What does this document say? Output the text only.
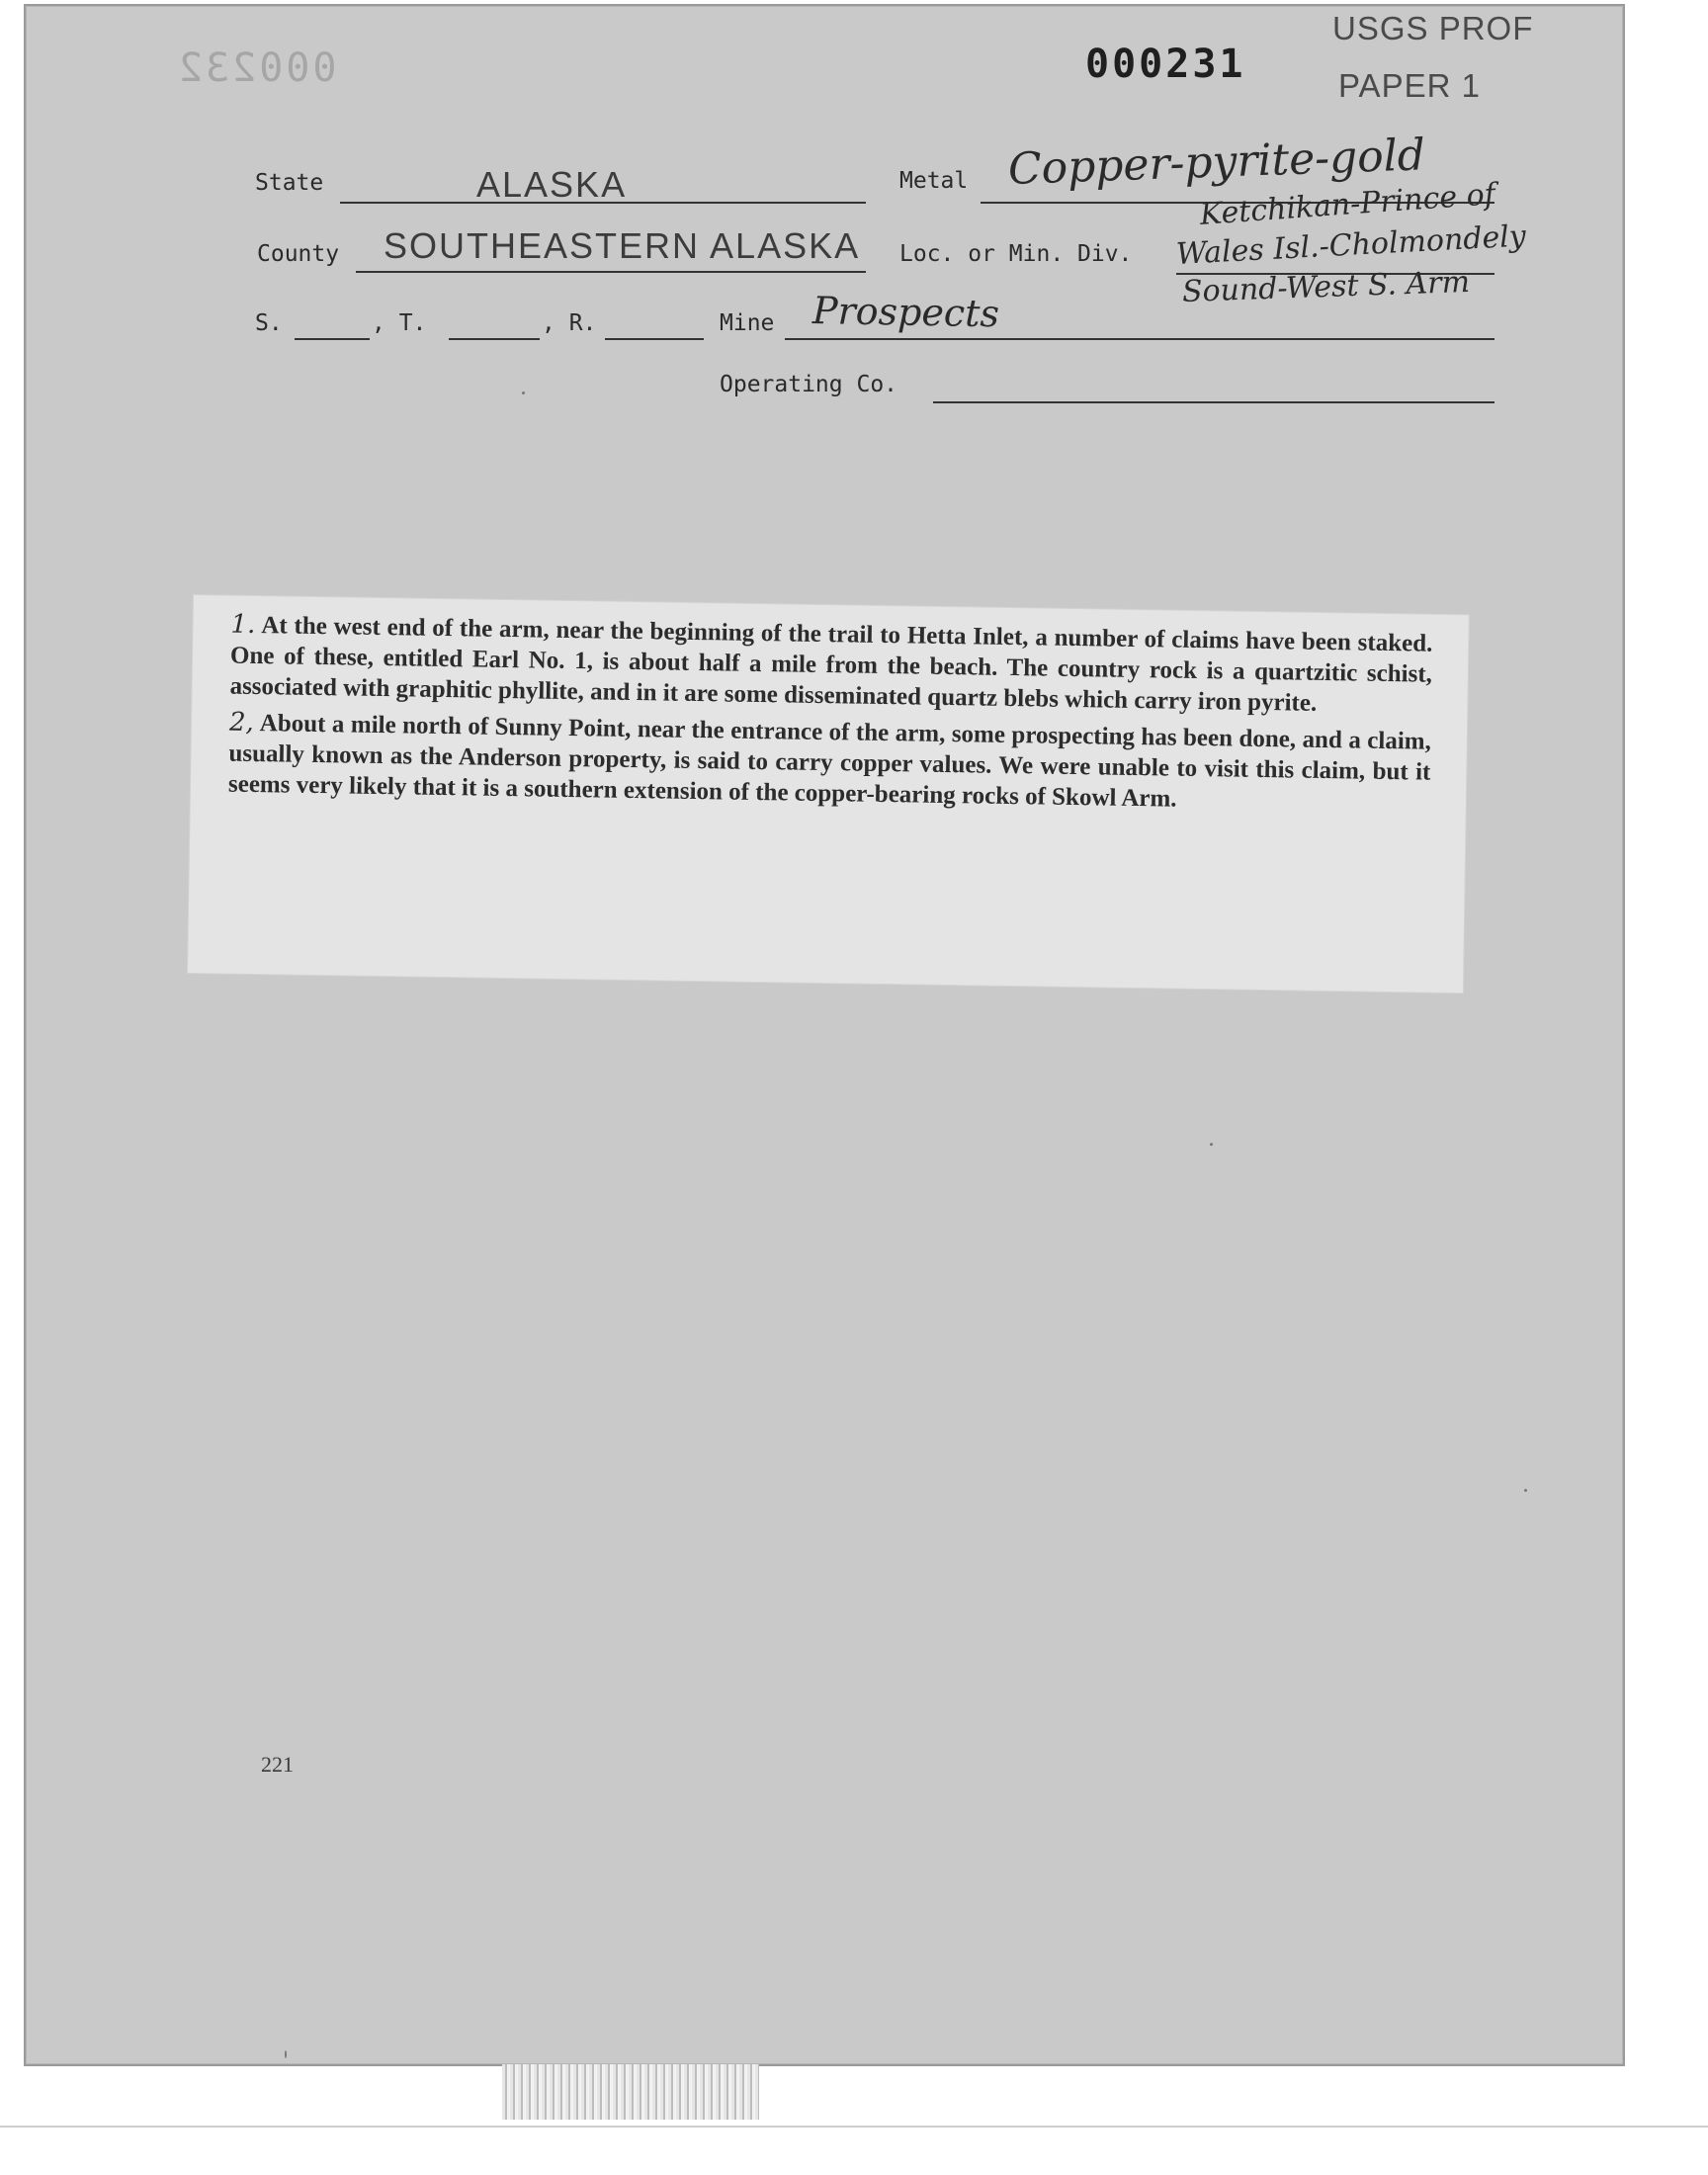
000232	000231
USGS PROF
PAPER 1
State	ALASKA	Metal Copper-pyrite-gold
County SOUTHEASTERN ALASKA Loc. or Min. Div.
Ketchikan-Prince of
Wales Isl.-Cholmondely
Sound-West S. Arm
S.	, T.	, R.	Mine Prospects
Operating Co.

1. At the west end of the arm, near the beginning of the trail to Hetta Inlet, a number of claims have been staked. One of these, entitled Earl No. 1, is about half a mile from the beach. The country rock is a quartzitic schist, associated with graphitic phyllite, and in it are some disseminated quartz blebs which carry iron pyrite.

2, About a mile north of Sunny Point, near the entrance of the arm, some prospecting has been done, and a claim, usually known as the Anderson property, is said to carry copper values. We were unable to visit this claim, but it seems very likely that it is a southern extension of the copper-bearing rocks of Skowl Arm.

221
